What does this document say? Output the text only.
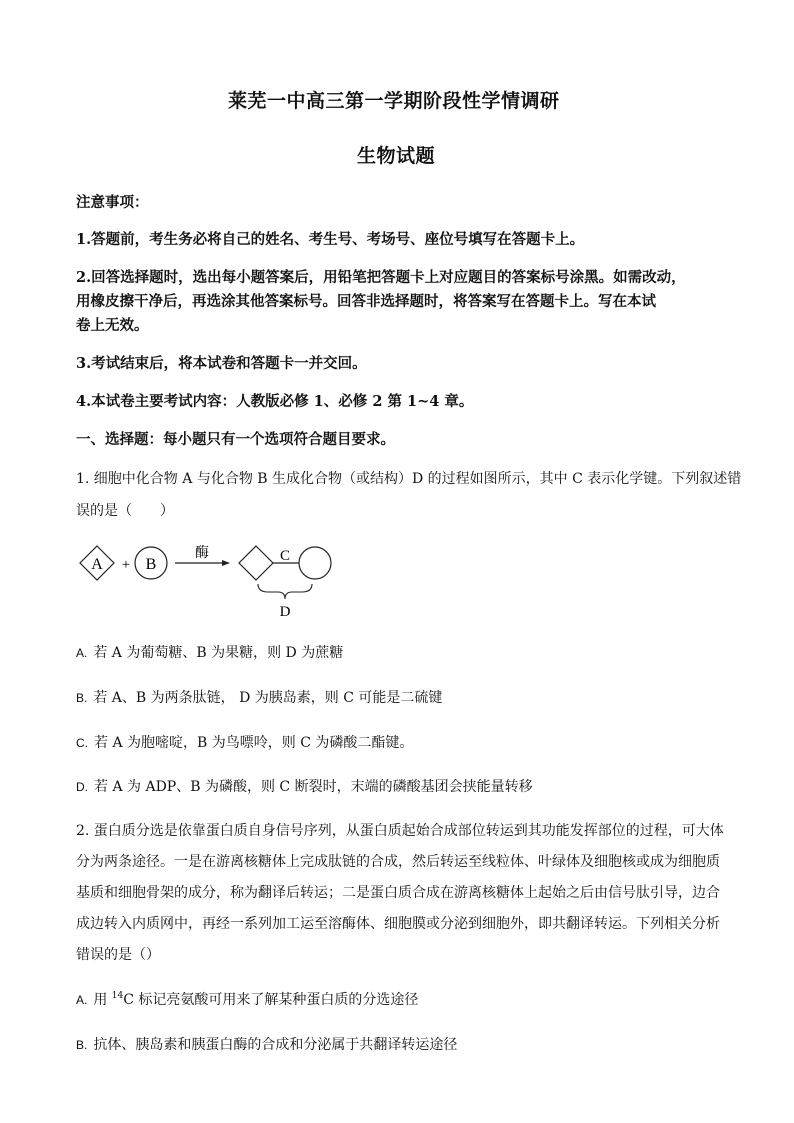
莱芜一中高三第一学期阶段性学情调研
生物试题
注意事项：
1.答题前，考生务必将自己的姓名、考生号、考场号、座位号填写在答题卡上。
2.回答选择题时，选出每小题答案后，用铅笔把答题卡上对应题目的答案标号涂黑。如需改动，
用橡皮擦干净后，再选涂其他答案标号。回答非选择题时，将答案写在答题卡上。写在本试
卷上无效。
3.考试结束后，将本试卷和答题卡一并交回。
4.本试卷主要考试内容：人教版必修 1、必修 2 第 1~4 章。
一、选择题：每小题只有一个选项符合题目要求。
1. 细胞中化合物 A 与化合物 B 生成化合物（或结构）D 的过程如图所示，其中 C 表示化学键。下列叙述错
误的是（　　）
A + B
酶	C
D
A. 若 A 为葡萄糖、B 为果糖，则 D 为蔗糖
B. 若 A、B 为两条肽链， D 为胰岛素，则 C 可能是二硫键
C. 若 A 为胞嘧啶，B 为鸟嘌呤，则 C 为磷酸二酯键。
D. 若 A 为 ADP、B 为磷酸，则 C 断裂时，末端的磷酸基团会挟能量转移
2. 蛋白质分选是依靠蛋白质自身信号序列，从蛋白质起始合成部位转运到其功能发挥部位的过程，可大体
分为两条途径。一是在游离核糖体上完成肽链的合成，然后转运至线粒体、叶绿体及细胞核或成为细胞质
基质和细胞骨架的成分，称为翻译后转运；二是蛋白质合成在游离核糖体上起始之后由信号肽引导，边合
成边转入内质网中，再经一系列加工运至溶酶体、细胞膜或分泌到细胞外，即共翻译转运。下列相关分析
错误的是（）
A. 用 $^{14}$C 标记亮氨酸可用来了解某种蛋白质的分选途径
B. 抗体、胰岛素和胰蛋白酶的合成和分泌属于共翻译转运途径
